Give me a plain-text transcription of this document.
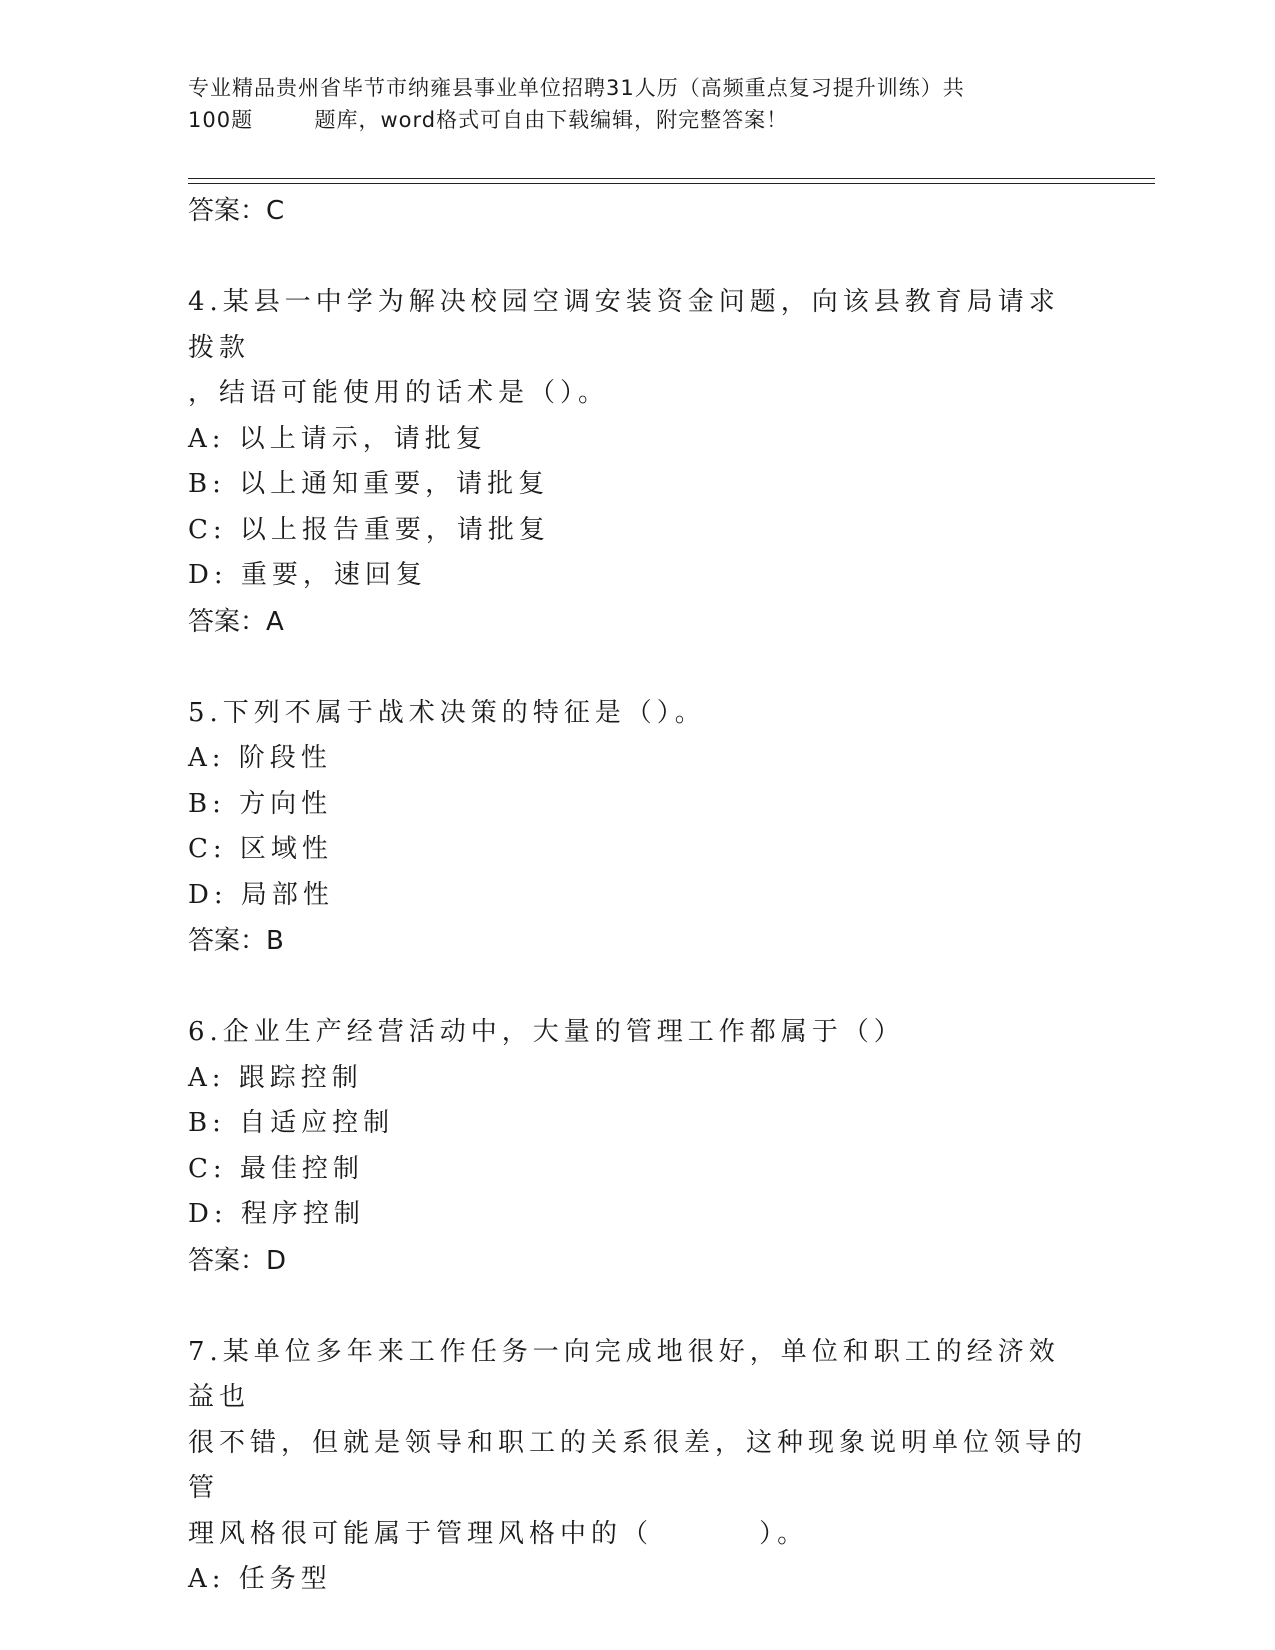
专业精品贵州省毕节市纳雍县事业单位招聘31人历（高频重点复习提升训练）共
100题        题库，word格式可自由下载编辑，附完整答案！
答案：C
4.某县一中学为解决校园空调安装资金问题，向该县教育局请求拨款
，结语可能使用的话术是（）。
A: 以上请示，请批复
B: 以上通知重要，请批复
C: 以上报告重要，请批复
D: 重要，速回复
答案：A
5.下列不属于战术决策的特征是（）。
A: 阶段性
B: 方向性
C: 区域性
D: 局部性
答案：B
6.企业生产经营活动中，大量的管理工作都属于（）
A: 跟踪控制
B: 自适应控制
C: 最佳控制
D: 程序控制
答案：D
7.某单位多年来工作任务一向完成地很好，单位和职工的经济效益也
很不错，但就是领导和职工的关系很差，这种现象说明单位领导的管
理风格很可能属于管理风格中的（        ）。
A: 任务型
